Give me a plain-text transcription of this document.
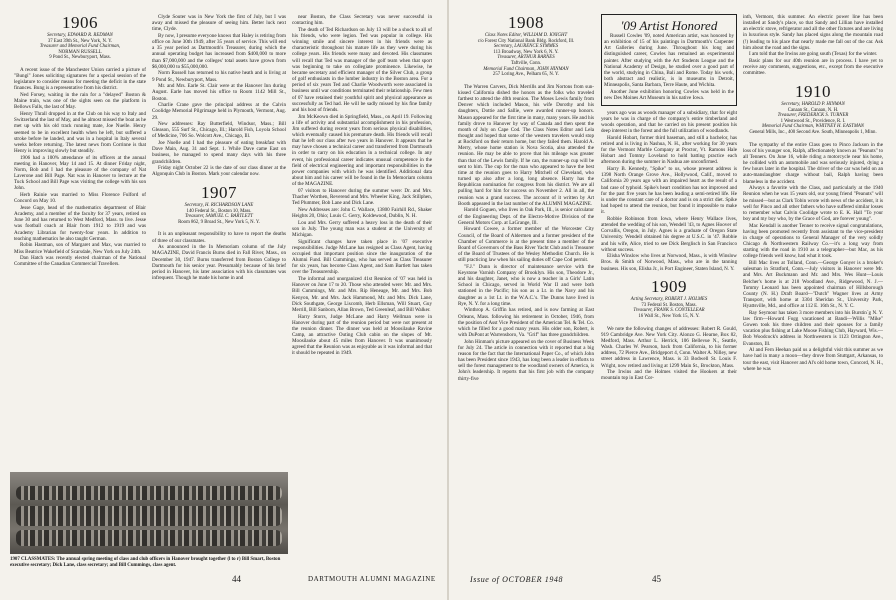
1906
Secretary, EDWARD R. REDMAN
37 East 39th St., New York, N. Y.
Treasurer and Memorial Fund Chairman,
NORMAN RUSSELL
9 Pond St., Newburyport, Mass.

A recent issue of the Manchester Union carried a picture of "Bungi" Jones soliciting signatures for a special session of the legislature to consider means for meeting the deficit in the state finances. Bung is a representative from his district.

Ned Forsey, waiting in the rain for a "delayed" Boston & Maine train, was one of the sights seen on the platform in Bellows Falls, the last of May.

Henry Thrall dropped in at the Club on his way to Italy and Switzerland the last of May, and he almost missed the boat as he met up with his old track running mate, Joe Nuelle. Henry seemed to be in excellent health when he left, but suffered a stroke before he landed, and was in a hospital in Italy several weeks before returning. The latest news from Corrinne is that Henry is improving slowly but steadily.

1906 had a 100% attendance of its officers at the annual meeting in Hanover, May 14 and 15. At dinner Friday night, Norm, Bob and I had the pleasure of the company of Nat Laverone and Bill Page. Nat was in Hanover to lecture at the Tuck School and Bill Page was visiting the college with his son John.

Herb Rainie was married to Miss Florence Fulford of Concord on May 10.

Jesse Gage, head of the mathematics department of Blair Academy, and a member of the faculty for 37 years, retired on June 30 and has returned to West Medford, Mass. to live. Jesse was football coach at Blair from 1912 to 1919 and was Academy Librarian for twenty-four years. In addition to teaching mathematics he also taught German.

Robin Hastman, son of Margaret and Max, was married to Miss Beatrice Wakefield of Scarsdale, New York on July 24th.

Dan Hatch was recently elected chairman of the National Committee of the Canadian Commercial Travellers.

Clyde Souter was in New York the first of July, but I was away and missed the pleasure of seeing him. Better luck next time, Clyde.

By now, I presume everyone knows that Haley is retiring from office on June 30th 1949, after 35 years of service. This will end a 35 year period as Dartmouth's Treasurer, during which the annual operating budget has increased from $400,000 to more than $7,000,000 and the colleges' total assets have grown from $6,000,000 to $55,000,000.

Norm Russell has returned to his native heath and is living at 9 Pond St., Newburyport, Mass.

Mr. and Mrs. Earle St. Clair were at the Hanover Inn during August. Earle has moved his office to Room 1142 Mill St., Boston.

Charlie Crane gave the principal address at the Calvin Coolidge Memorial Pilgrimage held in Plymouth, Vermont, Aug. 29.

New addresses: Ray Butterfield, Windsor, Mass.; Bill Gleason, 555 Surf St., Chicago, Ill.; Harold Fish, Loyola School of Medicine, 706 So. Wolcott Ave., Chicago, Ill.

Joe Nuelle and I had the pleasure of eating breakfast with Dave Main, Aug. 31 and Sept. 1. While Dave came East on business, he managed to spend many days with his three grandchildren.

Friday night October 22 is the date of our class dinner at the Algonquin Club in Boston. Mark your calendar now.

1907
Secretary, H. RICHARDSON LANE
140 Federal St., Boston 10, Mass.
Treasurer, SAMUEL C. BARTLETT
Room 862, 9 Broad St., New York 5, N. Y.

It is an unpleasant responsibility to have to report the deaths of three of our classmates.

As announced in the In Memoriam column of the July MAGAZINE, David Francis Burns died in Fall River, Mass., on December 30, 1947. Burns transferred from Boston College to Dartmouth for his senior year. Presumably because of his brief period in Hanover, his later association with his classmates was infrequent. Though he made his home in and

1907 CLASSMATES: The annual spring meeting of class and club officers in Hanover brought together (l to r) Bill Smart, Boston executive secretary; Dick Lane, class secretary; and Bill Cummings, class agent.

near Boston, the Class Secretary was never successful in contacting him.

The death of Ted Richardson on July 13 will be a shock to all of his friends, who were legion. Ted was popular in college. His winning smile and sincere interest in his friends were as characteristic throughout his mature life as they were during his college years. His friends were many and devoted. His classmates will recall that Ted was manager of the golf team when that sport was beginning to take on collegiate prominence. Likewise, he became secretary and efficient manager of the Silver Club, a group of golf enthusiasts in the lumber industry in the Boston area. For a period of six years Ted and Charlie Woodworth were associated in business until war conditions terminated their relationship. Few men of 07 have retained their youthful spirit and physical appearance as successfully as Ted had. He will be sadly missed by his fine family and his host of friends.

Jim McKeown died in Springfield, Mass., on April 19. Following a life of activity and substantial accomplishment in his profession, Jim suffered during recent years from serious physical disabilities, which eventually caused his premature death. His friends will recall that he left our class after two years in Hanover. It appears that he may have chosen a technical career and transferred from Dartmouth in order to carry on his education in a technical college. In any event, his professional career indicates unusual competence in the field of electrical engineering and important responsibilities in the power companies with which he was identified. Additional data about him and his career will be found in the In Memoriam column of the MAGAZINE.

07 visitors to Hanover during the summer were: Dr. and Mrs. Thacher Worthen, Reverend and Mrs. Wheeler King, Jack Stillphen, Ted Plummer, Bob Lane and Dick Lane.

New Addresses are: John C. Wallace, 13800 Fairhill Rd., Shaker Heights 20, Ohio; Louis C. Gerry, Koldewood, Dublin, N. H.

Lou and Mrs. Gerry suffered a heavy loss in the death of their son in July. The young man was a student at the University of Michigan.

Significant changes have taken place in '07 executive responsibilities. Judge McLane has resigned as Class Agent, having occupied that important position since the inauguration of the Alumni Fund. Bill Cummings, who has served as Class Treasurer for six years, has become Class Agent, and Sam Bartlett has taken over the Treasurership.

The informal and unorganized 41st Reunion of '07 was held in Hanover on June 17 to 20. Those who attended were: Mr. and Mrs. Bill Cummings, Mr. and Mrs. Rip Heneage, Mr. and Mrs. Bob Kenyon, Mr. and Mrs. Jack Hammond, Mr. and Mrs. Dick Lane, Dick Southgate, George Liscomb, Herb Ellsman, Will Stuart, Guy Merrill, Bill Sanborn, Allan Brown, Ted Greenleaf, and Bill Walker.

Harry Storrs, Judge McLane and Harry Wellman were in Hanover during part of the reunion period but were not present at the reunion dinner. The dinner was held at Moosilauke Ravine Camp, an attractive Outing Club cabin on the slopes of Mt. Moosilauke about 45 miles from Hanover. It was unanimously agreed that the Reunion was as enjoyable as it was informal and that it should be repeated in 1949.

44	DARTMOUTH ALUMNI MAGAZINE
1908
Class Notes Editor, WILLIAM D. KNIGHT
c/o Forest City National Bank Bldg. Rockford, Ill.
Secretary, LAURENCE SYMMES
113 Broadway, New York 6, N. Y.
Treasurer, ARTHUR BARNES
Taftville, Conn.
Memorial Fund Chairman, JOHN HINMAN
257 Loring Ave., Pelham 65, N. Y.

The Warren Carvers, Dick Merrills and Jim Nortons from sun-kissed California dished the honors as the folks who traveled farthest to attend the 40th reunion. The Moses Lewis family from Denver which included Mason, his wife Dorothy and his daughters, Dottie and Sallie, were awarded runner-up honors. Mason appeared for the first time in many, many years. He and his family drove to Hanover by way of Canada and then spent the month of July on Cape Cod. The Class Notes Editor and Lela thought and hoped that some of the western travelers would stop at Rockford on their return home, but they failed them. Harold A. Merry, whose home station is Nova Scotia, also attended the reunion. He may be able to prove that his mileage was greater than that of the Lewis family. If he can, the runner-up cup will be sent to him. The cup for the man who appeared to have the best time at the reunion goes to Harry Mitchell of Cleveland, who turned up also after a long, long absence. Harry has the Republican nomination for congress from his district. We are all pulling hard for him for success on November 2. All in all, the reunion was a grand success. The account of it written by Art Booth appeared in the last number of the ALUMNI MAGAZINE.

Harold Goguen, who lives in Oak Park, Ill., is senior calculator of the Engineering Dept. of the Electro-Motive Division of the General Motors Corp. at LaGrange, Ill.

Howard Cowee, a former member of the Worcester City Council, of the Board of Aldermen and a former president of the Chamber of Commerce is at the present time a member of the Board of Governors of the Bass River Yacht Club and is Treasurer of the Board of Trustees of the Wesley Methodist Church. He is still practicing law when his sailing duties off Cape Cod permit.

"F.J." Dunn is director of maintenance service with the Keystone Varnish Company of Brooklyn. His son, Theodore Jr., and his daughter, Janet, who is now a teacher in a Girls' Latin School in Chicago, served in World War II and were both stationed in the Pacific; his son as a Lt. in the Navy and his daughter as a 1st Lt. in the W.A.C.'s. The Dunns have lived in Rye, N. Y. for a long time.

Winthrop A. Griffin has retired, and is now farming at East Orleans, Mass. following his retirement in October, 1946, from the position of Asst Vice President of the American Tel. & Tel. Co. which he filled for a good many years. His older son, Robert, is with DuPont at Warrensboro, Va. "Grif" has three grandchildren.

John Hinman's picture appeared on the cover of Business Week for July 24. The article in connection with it reported that a big reason for the fact that the International Paper Co., of which John has been President since 1943, has long been a leader in efforts to sell the forest management to the woodland owners of America, is John's leadership. It reports that his first job with the company thirty-five

'09 Artist Honored

Russell Cowles '09, noted American artist, was honored by an exhibition of 15 of his paintings in Dartmouth's Carpenter Art Galleries during June. Throughout his long and distinguished career, Cowles has remained an experimental painter. After studying with the Art Students League and the National Academy of Design, he studied over a good part of the world, studying in China, Bali and Rome. Today his work, both abstract and realistic, is in museums in Detroit, Minneapolis, Santa Barbara, Terre Haute, and Wichita.

Another June exhibition honoring Cowles was held in the new Des Moines Art Museum in his native Iowa.

years ago was as woods manager of a subsidiary, that for eight years he was in charge of the company's entire timberland and woods operation, and that he carried on his present position his deep interest in the forest and the full utilization of woodlands.

Harold Hobart, former third baseman, and still a bachelor, has retired and is living in Nashua, N. H., after working for 30 years for the Vermont Marble Company at Proctor, Vt. Ramons Hale Hobart and Tommy Loveland to hold batting practice each afternoon during the summer in Nashua are unconfirmed.

Harry B. Kennedy, "Spike" to us, whose present address is 1398 North Orange Grove Ave., Hollywood, Calif., moved to California 20 years ago with an impaired heart as the result of a bad case of typhoid. Spike's heart condition has not improved and for the past five years he has been leading a semi-retired life. He is under the constant care of a doctor and is on a strict diet. Spike had hoped to attend the reunion, but found it impossible to make it.

Robbie Robinson from Iowa, where Henry Wallace lives, attended the wedding of his son, Wendell '43, to Agnes Hoover of Corvallis, Oregon, in July. Agnes is a graduate of Oregon State University. Wendell obtained his degree at U.S.C. in '47. Robbie and his wife, Alice, tried to see Dick Berglisch in San Francisco without success.

Elisha Winslow who lives at Norwood, Mass., is with Winslow Bros. & Smith of Norwood, Mass., who are in the tanning business. His son, Elisha Jr., is Port Engineer, Staten Island, N. Y.

1909
Acting Secretary, ROBERT J. HOLMES
73 Federal St. Boston, Mass.
Treasurer, FRANK S. CONTELLEAR
16 Wall St., New York 15, N. Y.

We note the following changes of addresses: Robert R. Gould, 919 Cambridge Ave. New York City. Alonzo G. Hearne, Box 82, Medford, Mass. Arthur L. Herrick, 106 Bellevue N., Seattle, Wash. Charles W. Pearson, back from California, to his former address, 72 Pierce Ave., Bridgeport 4, Conn. Walter A. Nilley, new street address in Lawrence, Mass. is 33 Bodwell St. Louis F. Wright, now retired and living at 1299 Main St., Brockton, Mass.

The Irwins and the Holmes visited the Hookers at their mountain top in East Cor-

inth, Vermont, this summer. An electric power line has been installed at Sandy's place, so that Sandy and Lillian have installed an electric stove, refrigerator and all the other fixtures and are living in luxurious style. Sandy has placed signs along the mountain road (!) leading to his place that nearly made me fall out of the car. Ask him about the road and the signs.

I am told that the Irwins are going south (Texas) for the winter.

Basic plans for our 40th reunion are in process. I have yet to receive any comments, suggestions, etc., except from the executive committee.

1910
Secretary, HAROLD P. HINMAN
Canaan St., Canaan, N. H.
Treasurer, FREDERICK S. TURNER
1 Westwood St., Providence, R. I.
Memorial Fund Chairman, WHITNEY H. EASTMAN
General Mills, Inc., 400 Second Ave. South, Minneapolis 1, Minn.

The sympathy of the entire Class goes to Pinco Jackson in the loss of his younger son, Ralph, affectionately known as "Peanuts" to all Tenners. On June 16, while riding a motorcycle near his home, he collided with an automobile and was seriously injured, dying a few hours later in the hospital. The driver of the car was held on an auto-manslaughter charge without bail, Ralph having been blameless in the accident.

Always a favorite with the Class, and particularly at the 1940 Reunion when he was 15 years old, our young friend "Peanuts" will be missed—but as Clark Tobin wrote with news of the accident, it is well for Pinco and all other fathers who have suffered similar losses to remember what Calvin Coolidge wrote to E. K. Hall "To your boy and my boy who, by the Grace of God, are forever young".

Mac Kendall is another Tenner to receive signal congratulations, having been promoted recently from assistant to the vice-president in charge of operations to General Manager of the very solidly Chicago & Northwestern Railway Co.—it's a long way from starting with the road in 1910 as a telegrapher—but Mac, as his college friends well know, had what it took.

Bill Mac lives at Tolland, Conn.—George Gonyer is a broker's salesman in Stratford, Conn.—July visitors in Hanover were Mr. and Mrs. Art Buckmann and Mr. and Mrs. Wes Hunt—Louis Belcher's home is at 218 Woodland Ave., Ridgewood, N. J.—Tommy Leonard has been appointed chairman of Hillsborough County (N. H.) Draft Board—"Dutch" Wagner lives at Army Transport, with home at 3304 Sheridan St., University Park, Hyattsville, Md., and office at 112 E. 16th St., N. Y. C.

Ray Seymour has taken 3 more members into his Burstin´g N. Y. law firm—Howard Fogg vacationed at Bandi—Willis "Mike" Gowen took his three children and their spouses for a family vacation plus fishing at Lake Moose Fishing Club, Hayward, Wis.—Bob Woodcock's address in Northwestern is 1123 Ortington Ave., Evanston, Ill.

Al and Fern Heehan paid us a delightful visit this summer as we have had in many a moon—they drove from Stuttgart, Arkansas, to tour the east, visit Hanover and Al's old home town, Concord, N. H., where he was

Issue of OCTOBER 1948	45
